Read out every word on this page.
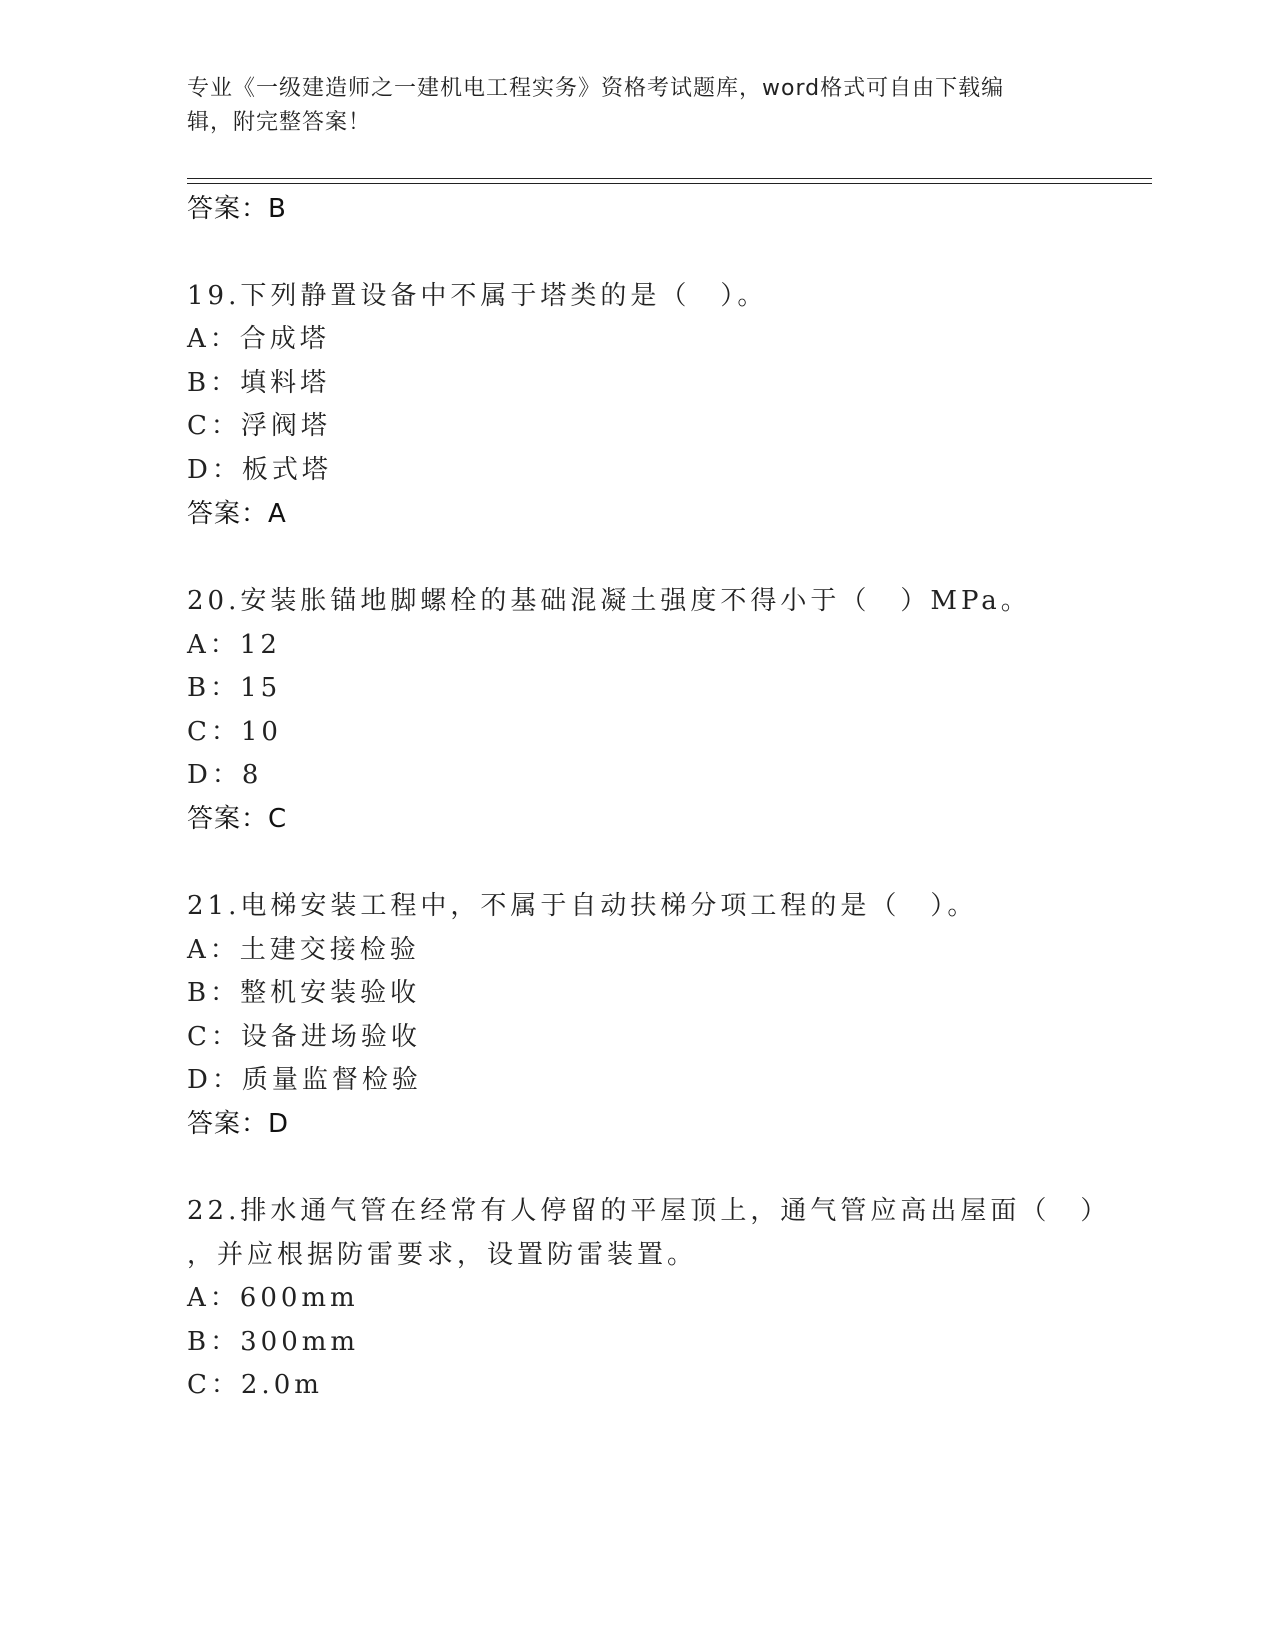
专业《一级建造师之一建机电工程实务》资格考试题库，word格式可自由下载编
辑，附完整答案！
答案：B
19.下列静置设备中不属于塔类的是（　）。
A：合成塔
B：填料塔
C：浮阀塔
D：板式塔
答案：A
20.安装胀锚地脚螺栓的基础混凝土强度不得小于（　）MPa。
A：12
B：15
C：10
D：8
答案：C
21.电梯安装工程中，不属于自动扶梯分项工程的是（　）。
A：土建交接检验
B：整机安装验收
C：设备进场验收
D：质量监督检验
答案：D
22.排水通气管在经常有人停留的平屋顶上，通气管应高出屋面（　）
，并应根据防雷要求，设置防雷装置。
A：600mm
B：300mm
C：2.0m
